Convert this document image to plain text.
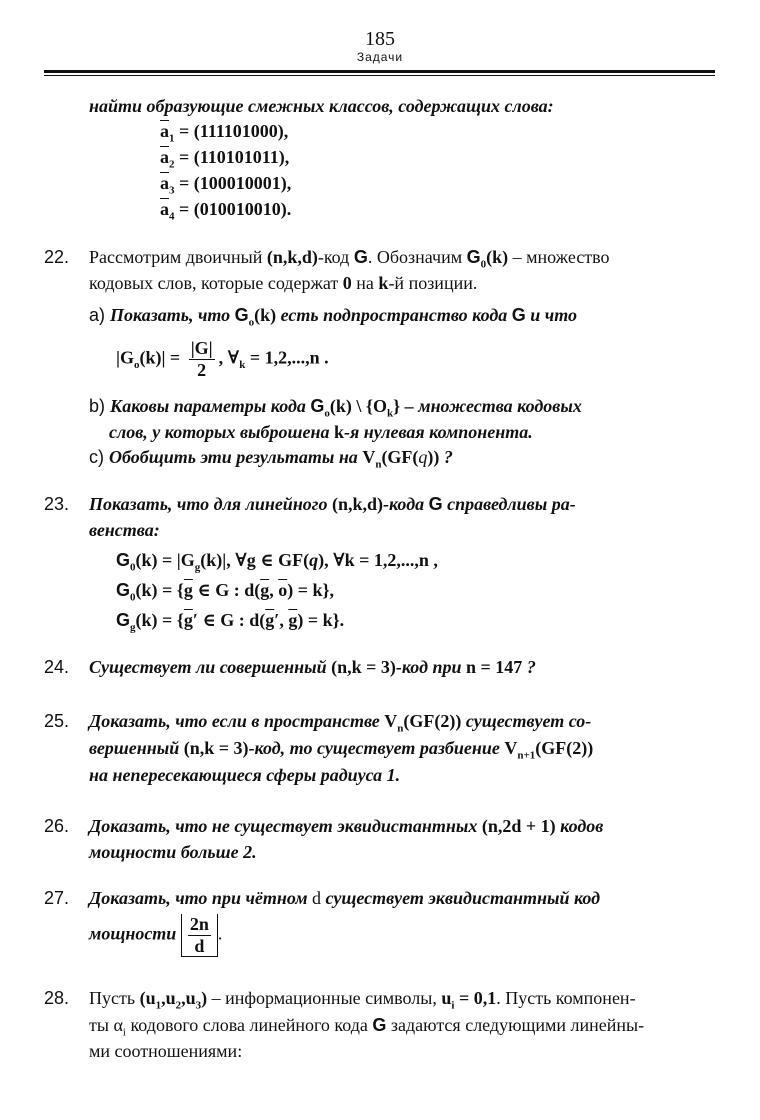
185
Задачи
найти образующие смежных классов, содержащих слова:
$\overline{a}_1 = (111101000)$,
$\overline{a}_2 = (110101011)$,
$\overline{a}_3 = (100010001)$,
$\overline{a}_4 = (010010010)$.
22. Рассмотрим двоичный (n,k,d)-код G. Обозначим $G_0(k)$ – множество
кодовых слов, которые содержат 0 на k-й позиции.
a) Показать, что $G_o(k)$ есть подпространство кода G и что
$|G_o(k)| = \frac{|G|}{2}$ , $\forall_k = 1,2,...,n$ .
b) Каковы параметры кода $G_o(k)$ \ $\{O_k\}$ – множества кодовых
слов, у которых выброшена k-я нулевая компонента.
c) Обобщить эти результаты на $V_n(GF(q))$ ?
23. Показать, что для линейного (n,k,d)-кода G справедливы ра-
венства:
$G_0(k) = |G_g(k)|$, ∀g ∈ GF(q), ∀k = 1,2,...,n ,
$G_0(k) = \{\overline{g}$ ∈ G : $d(\overline{g}$, $\overline{o}) = k$},
$G_g(k) = \{\overline{g}'$ ∈ G : $d(\overline{g}'$, $\overline{g}) = k$}.
24. Существует ли совершенный (n,k = 3)-код при n = 147 ?
25. Доказать, что если в пространстве $V_n(GF(2))$ существует со-
вершенный (n,k = 3)-код, то существует разбиение $V_{n+1}(GF(2))$
на непересекающиеся сферы радиуса 1.
26. Доказать, что не существует эквидистантных (n,2d + 1) кодов
мощности больше 2.
27. Доказать, что при чётном d существует эквидистантный код
мощности $\frac{2n}{d}$ .
28. Пусть $(u_1,u_2,u_3)$ – информационные символы, $u_i = 0,1$. Пусть компонен-
ты $\alpha_i$ кодового слова линейного кода G задаются следующими линейны-
ми соотношениями:
